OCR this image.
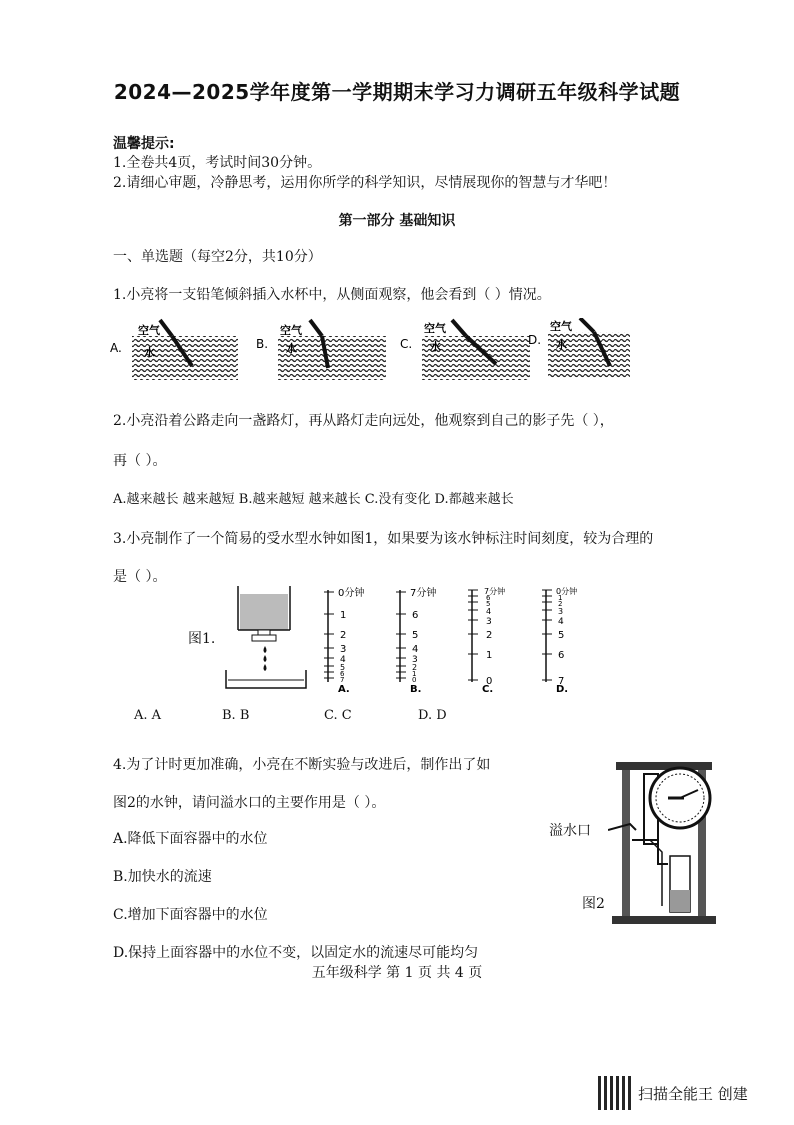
2024—2025学年度第一学期期末学习力调研五年级科学试题
温馨提示:
1.全卷共4页，考试时间30分钟。
2.请细心审题，冷静思考，运用你所学的科学知识，尽情展现你的智慧与才华吧！
第一部分 基础知识
一、单选题（每空2分，共10分）
1.小亮将一支铅笔倾斜插入水杯中，从侧面观察，他会看到（ ）情况。
A.
空气
水
B.
空气
水	C.
空气
水	D.
空气
水
2.小亮沿着公路走向一盏路灯，再从路灯走向远处，他观察到自己的影子先（ ），
再（ ）。
A.越来越长 越来越短 B.越来越短 越来越长 C.没有变化 D.都越来越长
3.小亮制作了一个简易的受水型水钟如图1，如果要为该水钟标注时间刻度，较为合理的
是（ ）。
图1.
0分钟
1
2
3
4
5
6
7
A.
7分钟
6
5
4
3
2
1
0
B.
7分钟
6
5
4
3
2
1
0
C.
0分钟
1
2
3
4
5
6
7
D.
A. A	B. B	C. C	D. D
4.为了计时更加准确，小亮在不断实验与改进后，制作出了如
图2的水钟，请问溢水口的主要作用是（ ）。
A.降低下面容器中的水位
B.加快水的流速
C.增加下面容器中的水位
D.保持上面容器中的水位不变，以固定水的流速尽可能均匀
溢水口
图2
五年级科学 第 1 页 共 4 页
扫描全能王 创建
